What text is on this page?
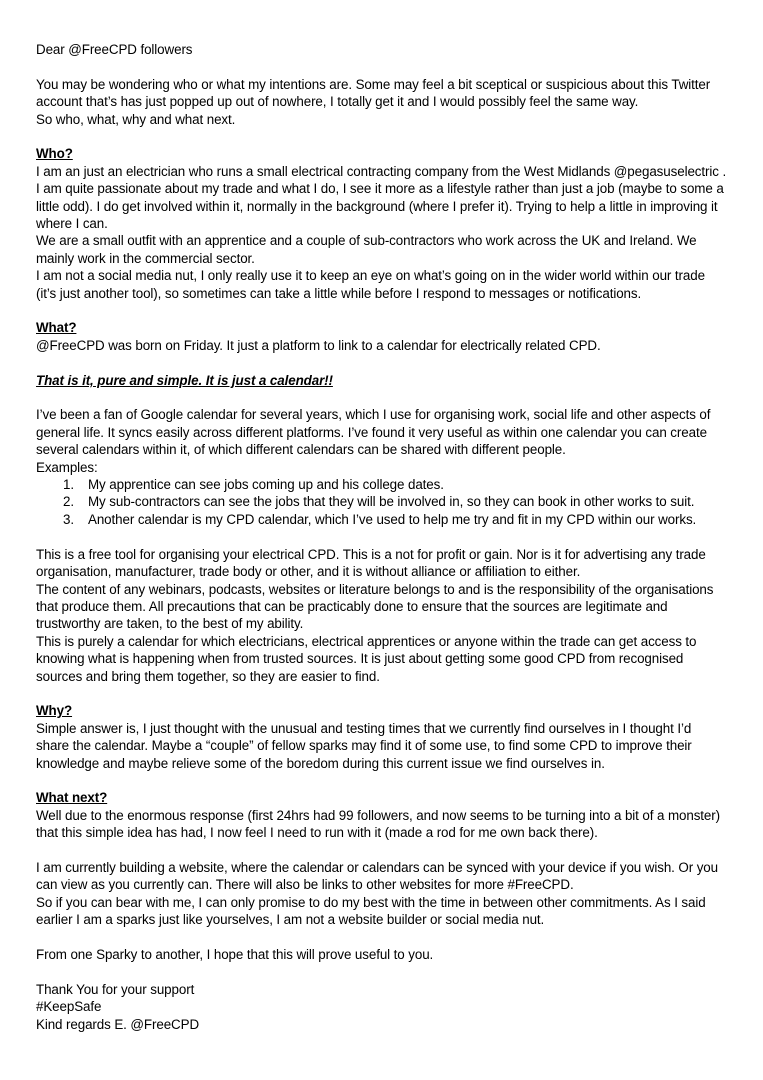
Dear @FreeCPD followers
You may be wondering who or what my intentions are. Some may feel a bit sceptical or suspicious about this Twitter account that’s has just popped up out of nowhere, I totally get it and I would possibly feel the same way.
So who, what, why and what next.
Who?
I am an just an electrician who runs a small electrical contracting company from the West Midlands @pegasuselectric .
I am quite passionate about my trade and what I do, I see it more as a lifestyle rather than just a job (maybe to some a little odd). I do get involved within it, normally in the background (where I prefer it). Trying to help a little in improving it where I can.
We are a small outfit with an apprentice and a couple of sub-contractors who work across the UK and Ireland. We mainly work in the commercial sector.
I am not a social media nut, I only really use it to keep an eye on what’s going on in the wider world within our trade (it’s just another tool), so sometimes can take a little while before I respond to messages or notifications.
What?
@FreeCPD was born on Friday. It just a platform to link to a calendar for electrically related CPD.
That is it, pure and simple. It is just a calendar!!
I’ve been a fan of Google calendar for several years, which I use for organising work, social life and other aspects of general life. It syncs easily across different platforms. I’ve found it very useful as within one calendar you can create several calendars within it, of which different calendars can be shared with different people.
Examples:
1.	My apprentice can see jobs coming up and his college dates.
2.	My sub-contractors can see the jobs that they will be involved in, so they can book in other works to suit.
3.	Another calendar is my CPD calendar, which I’ve used to help me try and fit in my CPD within our works.
This is a free tool for organising your electrical CPD. This is a not for profit or gain. Nor is it for advertising any trade organisation, manufacturer, trade body or other, and it is without alliance or affiliation to either.
The content of any webinars, podcasts, websites or literature belongs to and is the responsibility of the organisations that produce them. All precautions that can be practicably done to ensure that the sources are legitimate and trustworthy are taken, to the best of my ability.
This is purely a calendar for which electricians, electrical apprentices or anyone within the trade can get access to knowing what is happening when from trusted sources. It is just about getting some good CPD from recognised sources and bring them together, so they are easier to find.
Why?
Simple answer is, I just thought with the unusual and testing times that we currently find ourselves in I thought I’d share the calendar. Maybe a “couple” of fellow sparks may find it of some use, to find some CPD to improve their knowledge and maybe relieve some of the boredom during this current issue we find ourselves in.
What next?
Well due to the enormous response (first 24hrs had 99 followers, and now seems to be turning into a bit of a monster) that this simple idea has had, I now feel I need to run with it (made a rod for me own back there).
I am currently building a website, where the calendar or calendars can be synced with your device if you wish. Or you can view as you currently can. There will also be links to other websites for more #FreeCPD.
So if you can bear with me, I can only promise to do my best with the time in between other commitments. As I said earlier I am a sparks just like yourselves, I am not a website builder or social media nut.
From one Sparky to another, I hope that this will prove useful to you.
Thank You for your support
#KeepSafe
Kind regards E. @FreeCPD
